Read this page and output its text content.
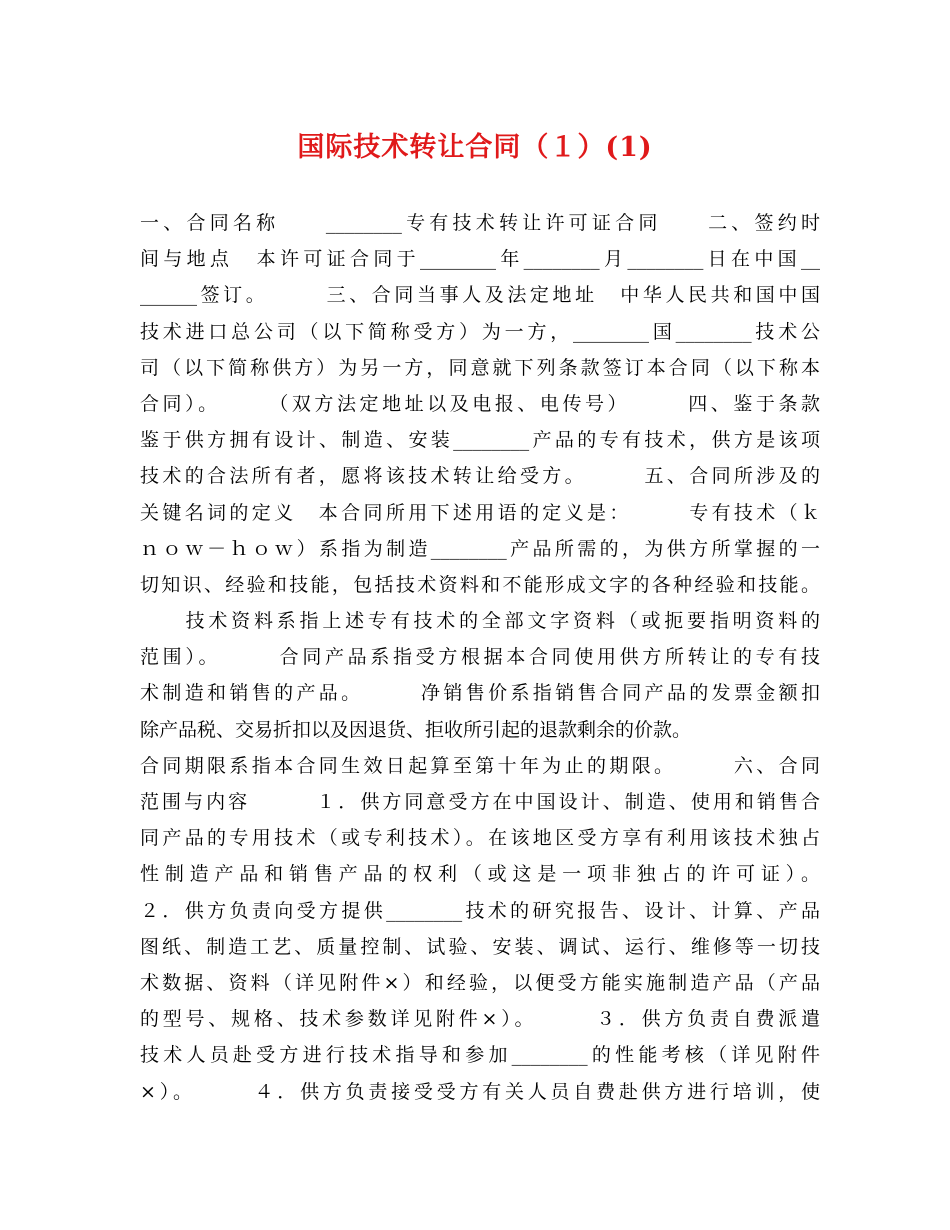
国际技术转让合同（１）(1)
一、合同名称　　________专有技术转让许可证合同　　二、签约时
间与地点　本许可证合同于________年________月________日在中国__
______签订。　　　三、合同当事人及法定地址　中华人民共和国中国
技术进口总公司（以下简称受方）为一方，________国________技术公
司（以下简称供方）为另一方，同意就下列条款签订本合同（以下称本
合同）。　　　（双方法定地址以及电报、电传号）　　　四、鉴于条款
鉴于供方拥有设计、制造、安装________产品的专有技术，供方是该项
技术的合法所有者，愿将该技术转让给受方。　　　五、合同所涉及的
关键名词的定义　本合同所用下述用语的定义是：　　　专有技术（ｋ
ｎｏｗ－ｈｏｗ）系指为制造________产品所需的，为供方所掌握的一
切知识、经验和技能，包括技术资料和不能形成文字的各种经验和技能。
　　技术资料系指上述专有技术的全部文字资料（或扼要指明资料的
范围）。　　　合同产品系指受方根据本合同使用供方所转让的专有技
术制造和销售的产品。　　　净销售价系指销售合同产品的发票金额扣
除产品税、交易折扣以及因退货、拒收所引起的退款剩余的价款。
合同期限系指本合同生效日起算至第十年为止的期限。　　　六、合同
范围与内容　　　１．供方同意受方在中国设计、制造、使用和销售合
同产品的专用技术（或专利技术）。在该地区受方享有利用该技术独占
性制造产品和销售产品的权利（或这是一项非独占的许可证）。
２．供方负责向受方提供________技术的研究报告、设计、计算、产品
图纸、制造工艺、质量控制、试验、安装、调试、运行、维修等一切技
术数据、资料（详见附件×）和经验，以便受方能实施制造产品（产品
的型号、规格、技术参数详见附件×）。　　　３．供方负责自费派遣
技术人员赴受方进行技术指导和参加________的性能考核（详见附件
×）。　　　４．供方负责接受受方有关人员自费赴供方进行培训，使
